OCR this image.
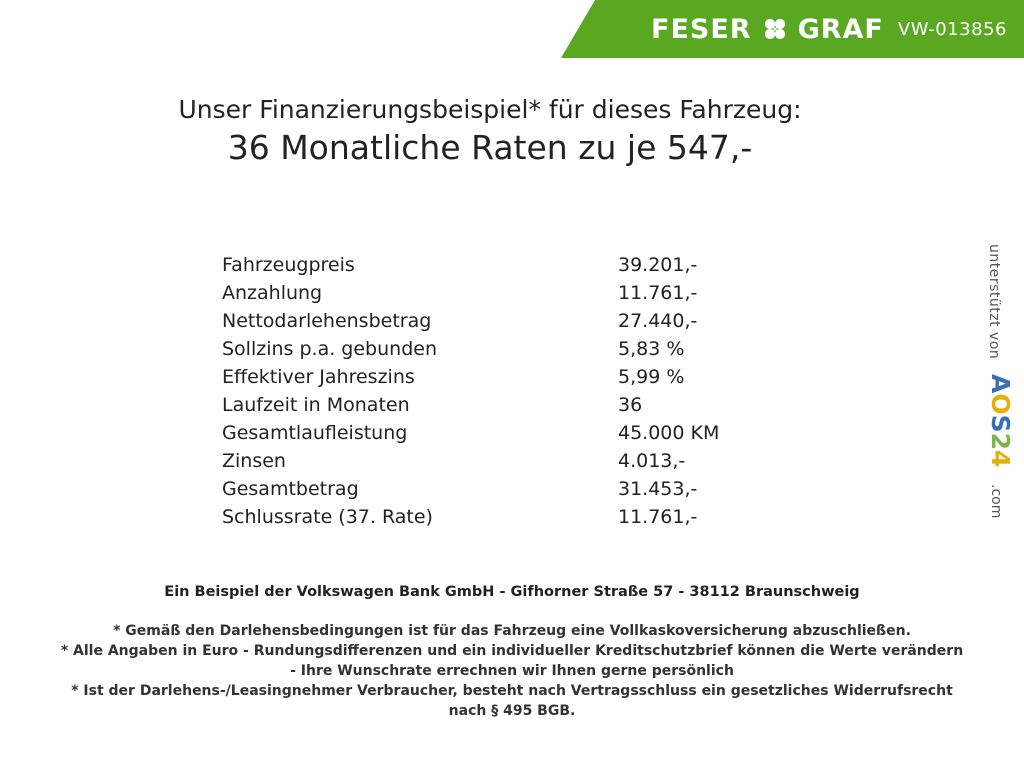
FESER GRAF VW-013856
Unser Finanzierungsbeispiel* für dieses Fahrzeug:
36 Monatliche Raten zu je 547,-
Fahrzeugpreis	39.201,-
Anzahlung	11.761,-
Nettodarlehensbetrag	27.440,-
Sollzins p.a. gebunden	5,83 %
Effektiver Jahreszins	5,99 %
Laufzeit in Monaten	36
Gesamtlaufleistung	45.000 KM
Zinsen	4.013,-
Gesamtbetrag	31.453,-
Schlussrate (37. Rate)	11.761,-
Ein Beispiel der Volkswagen Bank GmbH - Gifhorner Straße 57 - 38112 Braunschweig
* Gemäß den Darlehensbedingungen ist für das Fahrzeug eine Vollkaskoversicherung abzuschließen.
* Alle Angaben in Euro - Rundungsdifferenzen und ein individueller Kreditschutzbrief können die Werte verändern
- Ihre Wunschrate errechnen wir Ihnen gerne persönlich
* Ist der Darlehens-/Leasingnehmer Verbraucher, besteht nach Vertragsschluss ein gesetzliches Widerrufsrecht
nach § 495 BGB.
unterstützt von
AOS24
.com
